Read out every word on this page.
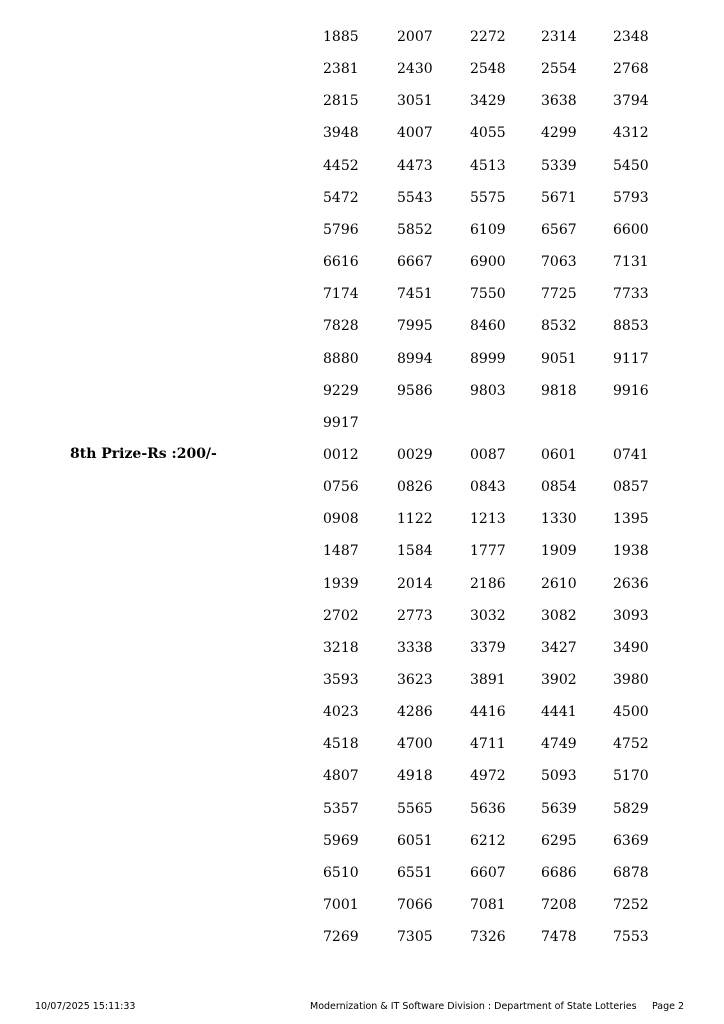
8th Prize-Rs :200/-
1885	2007	2272	2314	2348
2381	2430	2548	2554	2768
2815	3051	3429	3638	3794
3948	4007	4055	4299	4312
4452	4473	4513	5339	5450
5472	5543	5575	5671	5793
5796	5852	6109	6567	6600
6616	6667	6900	7063	7131
7174	7451	7550	7725	7733
7828	7995	8460	8532	8853
8880	8994	8999	9051	9117
9229	9586	9803	9818	9916
9917
0012	0029	0087	0601	0741
0756	0826	0843	0854	0857
0908	1122	1213	1330	1395
1487	1584	1777	1909	1938
1939	2014	2186	2610	2636
2702	2773	3032	3082	3093
3218	3338	3379	3427	3490
3593	3623	3891	3902	3980
4023	4286	4416	4441	4500
4518	4700	4711	4749	4752
4807	4918	4972	5093	5170
5357	5565	5636	5639	5829
5969	6051	6212	6295	6369
6510	6551	6607	6686	6878
7001	7066	7081	7208	7252
7269	7305	7326	7478	7553
10/07/2025 15:11:33	Modernization & IT Software Division : Department of State Lotteries Page 2
